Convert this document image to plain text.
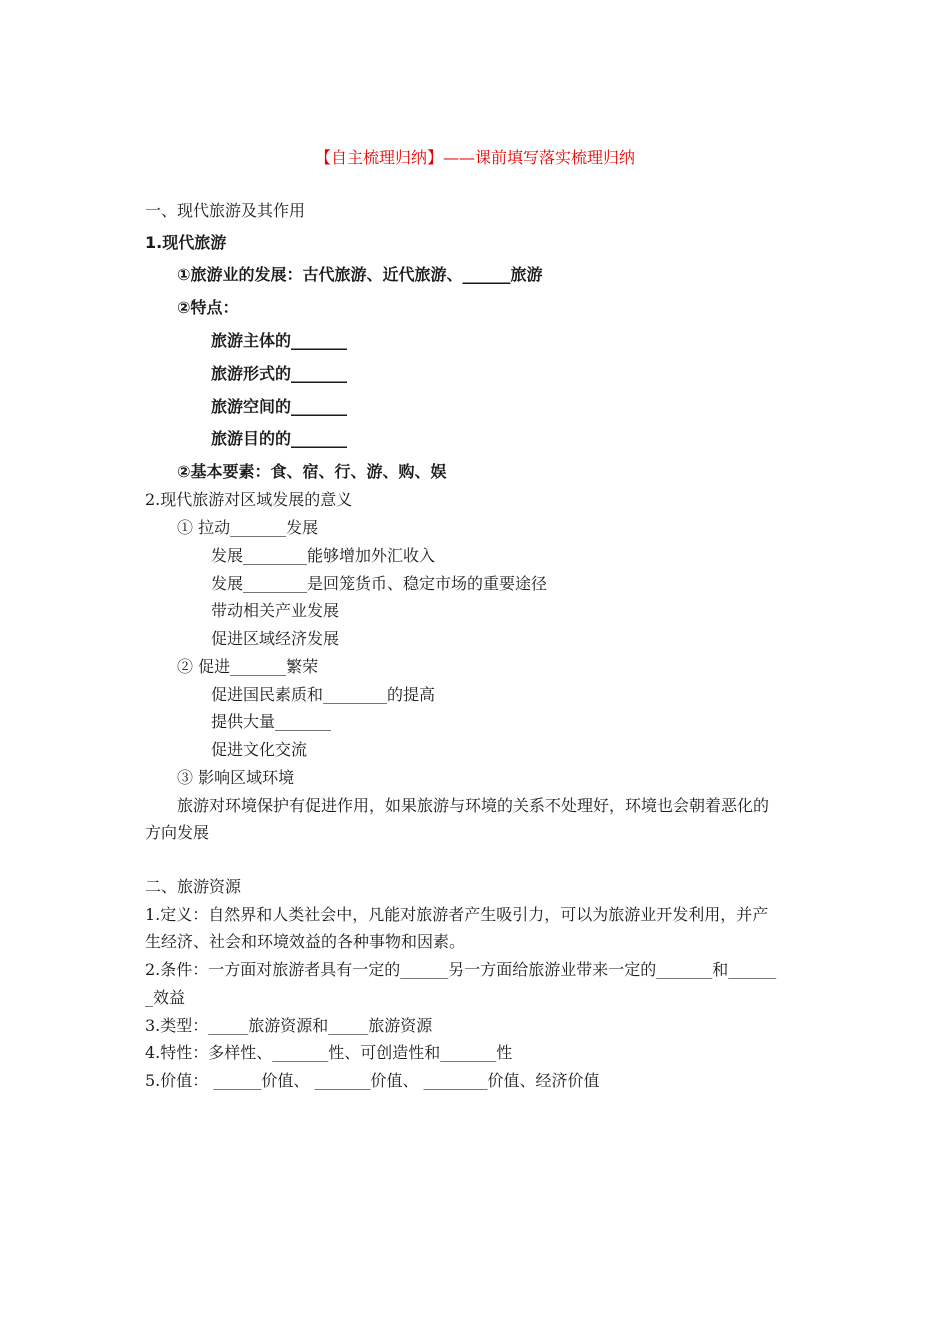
【自主梳理归纳】——课前填写落实梳理归纳
一、现代旅游及其作用
1.现代旅游
①旅游业的发展：古代旅游、近代旅游、______旅游
②特点：
旅游主体的_______
旅游形式的_______
旅游空间的_______
旅游目的的_______
②基本要素：食、宿、行、游、购、娱
2.现代旅游对区域发展的意义
① 拉动_______发展
发展________能够增加外汇收入
发展________是回笼货币、稳定市场的重要途径
带动相关产业发展
促进区域经济发展
② 促进_______繁荣
促进国民素质和________的提高
提供大量_______
促进文化交流
③ 影响区域环境
旅游对环境保护有促进作用，如果旅游与环境的关系不处理好，环境也会朝着恶化的
方向发展
二、旅游资源
1.定义：自然界和人类社会中，凡能对旅游者产生吸引力，可以为旅游业开发利用，并产
生经济、社会和环境效益的各种事物和因素。
2.条件：一方面对旅游者具有一定的______另一方面给旅游业带来一定的_______和______
_效益
3.类型：_____旅游资源和_____旅游资源
4.特性：多样性、_______性、可创造性和_______性
5.价值： ______价值、 _______价值、 ________价值、经济价值
